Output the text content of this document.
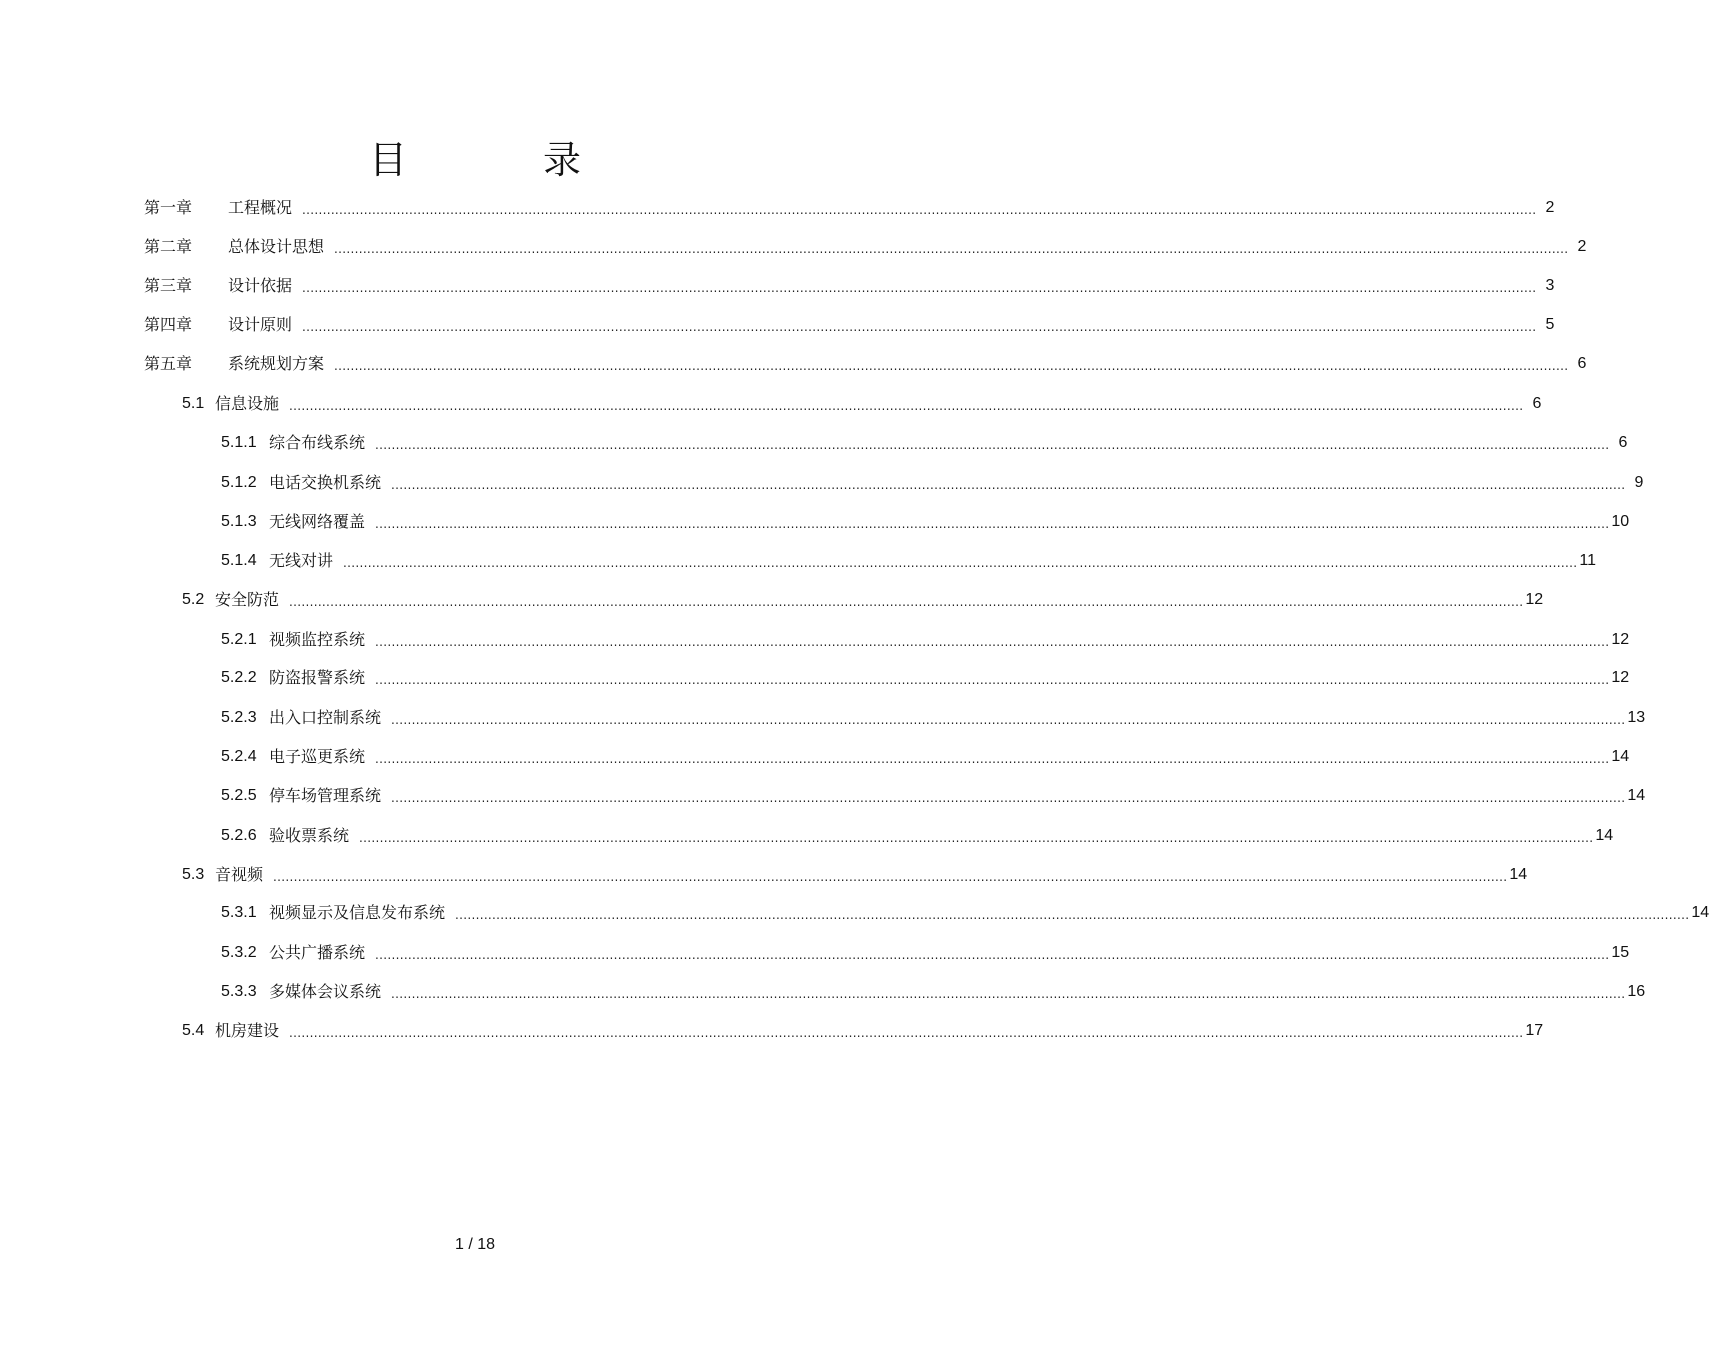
目 录
第一章	工程概况 ............................................................................................................................................................................................................................................................................................................ 2
第二章	总体设计思想 ............................................................................................................................................................................................................................................................................................................ 2
第三章	设计依据 ............................................................................................................................................................................................................................................................................................................ 3
第四章	设计原则 ............................................................................................................................................................................................................................................................................................................ 5
第五章	系统规划方案 ............................................................................................................................................................................................................................................................................................................ 6
5.1 信息设施 ............................................................................................................................................................................................................................................................................................................ 6
5.1.1 综合布线系统 ............................................................................................................................................................................................................................................................................................................ 6
5.1.2 电话交换机系统 ............................................................................................................................................................................................................................................................................................................ 9
5.1.3 无线网络覆盖 ............................................................................................................................................................................................................................................................................................................ 10
5.1.4 无线对讲 ............................................................................................................................................................................................................................................................................................................ 11
5.2 安全防范 ............................................................................................................................................................................................................................................................................................................ 12
5.2.1 视频监控系统 ............................................................................................................................................................................................................................................................................................................ 12
5.2.2 防盗报警系统 ............................................................................................................................................................................................................................................................................................................ 12
5.2.3 出入口控制系统 ............................................................................................................................................................................................................................................................................................................ 13
5.2.4 电子巡更系统 ............................................................................................................................................................................................................................................................................................................ 14
5.2.5 停车场管理系统 ............................................................................................................................................................................................................................................................................................................ 14
5.2.6 验收票系统 ............................................................................................................................................................................................................................................................................................................ 14
5.3 音视频 ............................................................................................................................................................................................................................................................................................................ 14
5.3.1 视频显示及信息发布系统 ............................................................................................................................................................................................................................................................................................................ 14
5.3.2 公共广播系统 ............................................................................................................................................................................................................................................................................................................ 15
5.3.3 多媒体会议系统 ............................................................................................................................................................................................................................................................................................................ 16
5.4 机房建设 ............................................................................................................................................................................................................................................................................................................ 17
1 / 18
